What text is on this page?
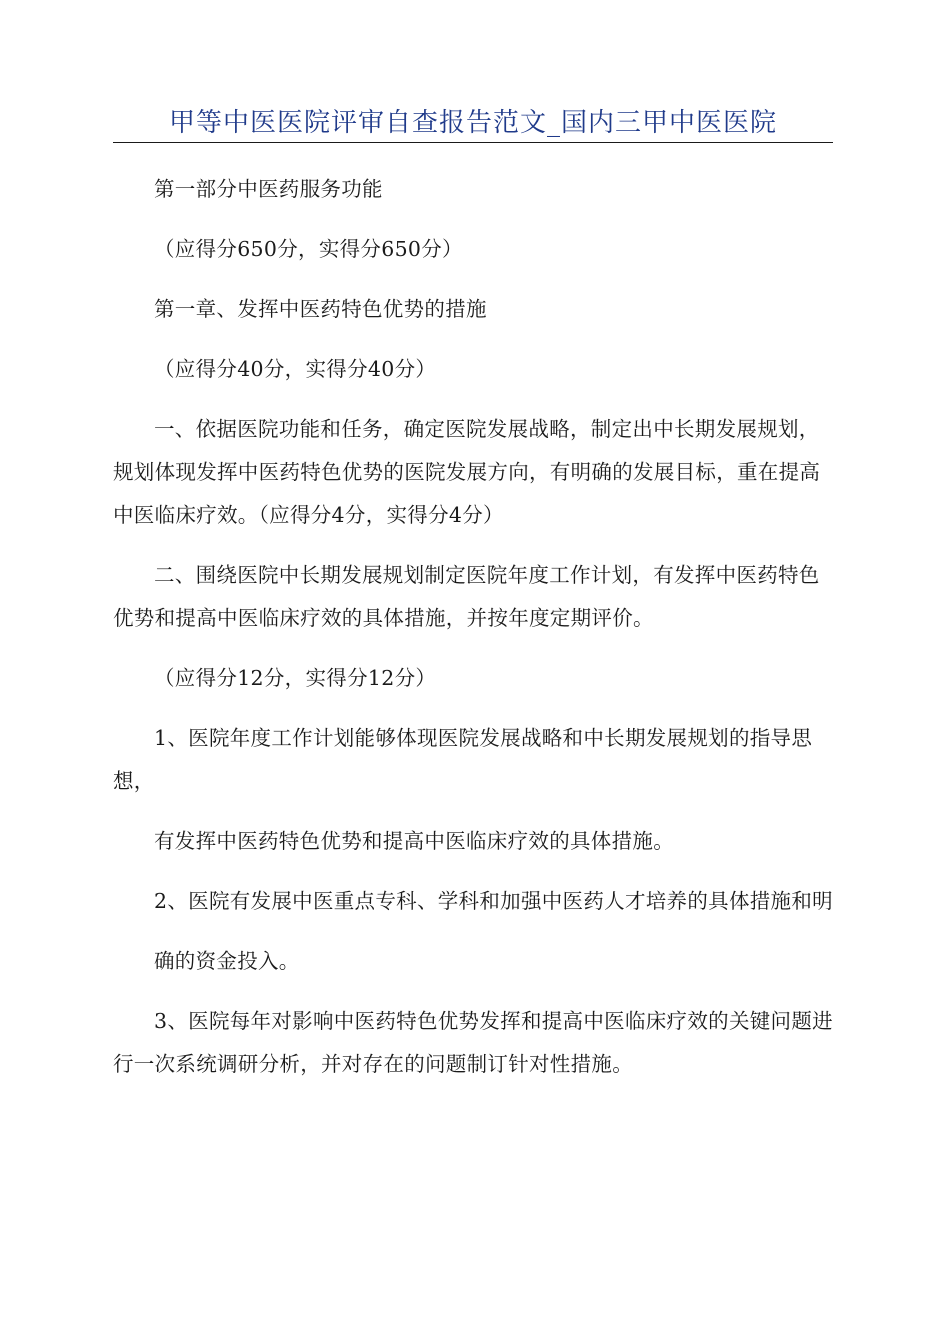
甲等中医医院评审自查报告范文_国内三甲中医医院

第一部分中医药服务功能

（应得分650分，实得分650分）

第一章、发挥中医药特色优势的措施

（应得分40分，实得分40分）

一、依据医院功能和任务，确定医院发展战略，制定出中长期发展规划，规划体现发挥中医药特色优势的医院发展方向，有明确的发展目标，重在提高中医临床疗效。（应得分4分，实得分4分）

二、围绕医院中长期发展规划制定医院年度工作计划，有发挥中医药特色优势和提高中医临床疗效的具体措施，并按年度定期评价。

（应得分12分，实得分12分）

1、医院年度工作计划能够体现医院发展战略和中长期发展规划的指导思想，

有发挥中医药特色优势和提高中医临床疗效的具体措施。

2、医院有发展中医重点专科、学科和加强中医药人才培养的具体措施和明

确的资金投入。

3、医院每年对影响中医药特色优势发挥和提高中医临床疗效的关键问题进行一次系统调研分析，并对存在的问题制订针对性措施。
